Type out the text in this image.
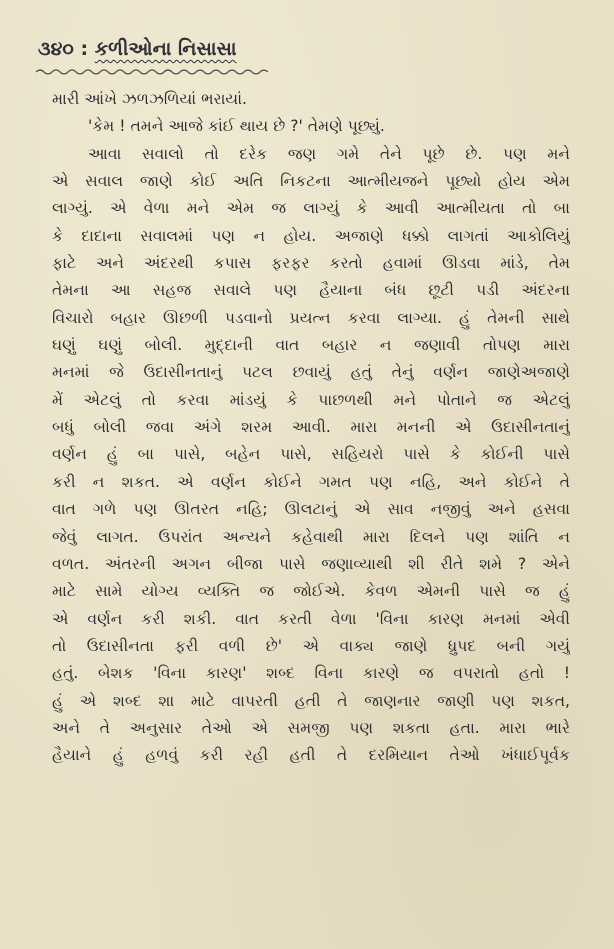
૩૪૦ : કળીઓના નિસાસા
મારી આંખે ઝળઝળિયાં ભરાયાં.
'કેમ ! તમને આજે કાંઈ થાય છે ?' તેમણે પૂછ્યું.
આવા સવાલો તો દરેક જણ ગમે તેને પૂછે છે. પણ મને
એ સવાલ જાણે કોઈ અતિ નિકટના આત્મીયજને પૂછ્યો હોય એમ
લાગ્યું. એ વેળા મને એમ જ લાગ્યું કે આવી આત્મીયતા તો બા
કે દાદાના સવાલમાં પણ ન હોય. અજાણે ધક્કો લાગતાં આકોલિયું
ફાટે અને અંદરથી કપાસ ફરફર કરતો હવામાં ઊડવા માંડે, તેમ
તેમના આ સહજ સવાલે પણ હૈયાના બંધ છૂટી પડી અંદરના
વિચારો બહાર ઊછળી પડવાનો પ્રયત્ન કરવા લાગ્યા. હું તેમની સાથે
ઘણું ઘણું બોલી. મુદ્દાની વાત બહાર ન જણાવી તોપણ મારા
મનમાં જે ઉદાસીનતાનું પટલ છવાયું હતું તેનું વર્ણન જાણેઅજાણે
મેં એટલું તો કરવા માંડયું કે પાછળથી મને પોતાને જ એટલું
બધું બોલી જવા અંગે શરમ આવી. મારા મનની એ ઉદાસીનતાનું
વર્ણન હું બા પાસે, બહેન પાસે, સહિયરો પાસે કે કોઈની પાસે
કરી ન શકત. એ વર્ણન કોઈને ગમત પણ નહિ, અને કોઈને તે
વાત ગળે પણ ઊતરત નહિ; ઊલટાનું એ સાવ નજીવું અને હસવા
જેવું લાગત. ઉપરાંત અન્યને કહેવાથી મારા દિલને પણ શાંતિ ન
વળત. અંતરની અગન બીજા પાસે જણાવ્યાથી શી રીતે શમે ? એને
માટે સામે યોગ્ય વ્યક્તિ જ જોઈએ. કેવળ એમની પાસે જ હું
એ વર્ણન કરી શકી. વાત કરતી વેળા 'વિના કારણ મનમાં એવી
તો ઉદાસીનતા ફરી વળી છે' એ વાક્ય જાણે ધ્રુપદ બની ગયું
હતું. બેશક 'વિના કારણ' શબ્દ વિના કારણે જ વપરાતો હતો !
હું એ શબ્દ શા માટે વાપરતી હતી તે જાણનાર જાણી પણ શકત,
અને તે અનુસાર તેઓ એ સમજી પણ શકતા હતા. મારા ભારે
હૈયાને હું હળવું કરી રહી હતી તે દરમિયાન તેઓ ખંધાઈપૂર્વક
